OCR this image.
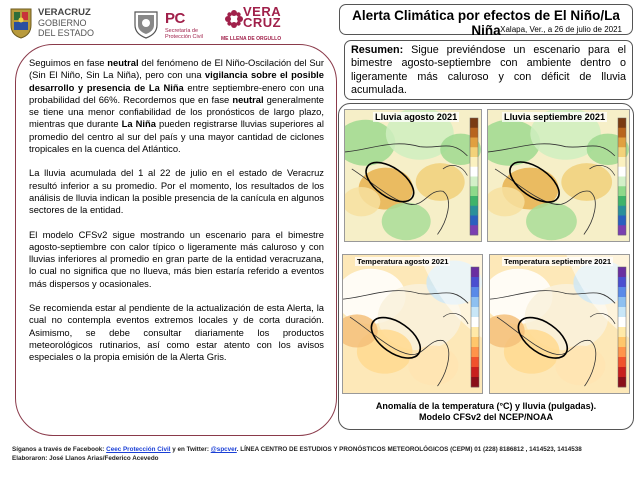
VERACRUZ
GOBIERNO
DEL ESTADO
PC
Secretaría de Protección Civil
VERA
CRUZ
ME LLENA DE ORGULLO
Alerta Climática por efectos de El Niño/La Niña Xalapa, Ver., a 26 de julio de 2021

Seguimos en fase neutral del fenómeno de El Niño-Oscilación del Sur (Sin El Niño, Sin La Niña), pero con una vigilancia sobre el posible desarrollo y presencia de La Niña entre septiembre-enero con una probabilidad del 66%. Recordemos que en fase neutral generalmente se tiene una menor confiabilidad de los pronósticos de largo plazo, mientras que durante La Niña pueden registrarse lluvias superiores al promedio del centro al sur del país y una mayor cantidad de ciclones tropicales en la cuenca del Atlántico.

La lluvia acumulada del 1 al 22 de julio en el estado de Veracruz resultó inferior a su promedio. Por el momento, los resultados de los análisis de lluvia indican la posible presencia de la canícula en algunos sectores de la entidad.

El modelo CFSv2 sigue mostrando un escenario para el bimestre agosto-septiembre con calor típico o ligeramente más caluroso y con lluvias inferiores al promedio en gran parte de la entidad veracruzana, lo cual no significa que no llueva, más bien estaría referido a eventos más dispersos y ocasionales.

Se recomienda estar al pendiente de la actualización de esta Alerta, la cual no contempla eventos extremos locales y de corta duración. Asimismo, se debe consultar diariamente los productos meteorológicos rutinarios, así como estar atento con los avisos especiales o la propia emisión de la Alerta Gris.

Resumen: Sigue previéndose un escenario para el bimestre agosto-septiembre con ambiente dentro o ligeramente más caluroso y con déficit de lluvia acumulada.
Lluvia agosto 2021	Lluvia septiembre 2021
Temperatura agosto 2021	Temperatura septiembre 2021
Anomalía de la temperatura (°C) y lluvia (pulgadas).
Modelo CFSv2 del NCEP/NOAA
Síganos a través de Facebook: Ceec Protección Civil y en Twitter: @spcver. LÍNEA CENTRO DE ESTUDIOS Y PRONÓSTICOS METEOROLÓGICOS (CEPM) 01 (228) 8186812 , 1414523, 1414538
Elaboraron: José Llanos Arias/Federico Acevedo
